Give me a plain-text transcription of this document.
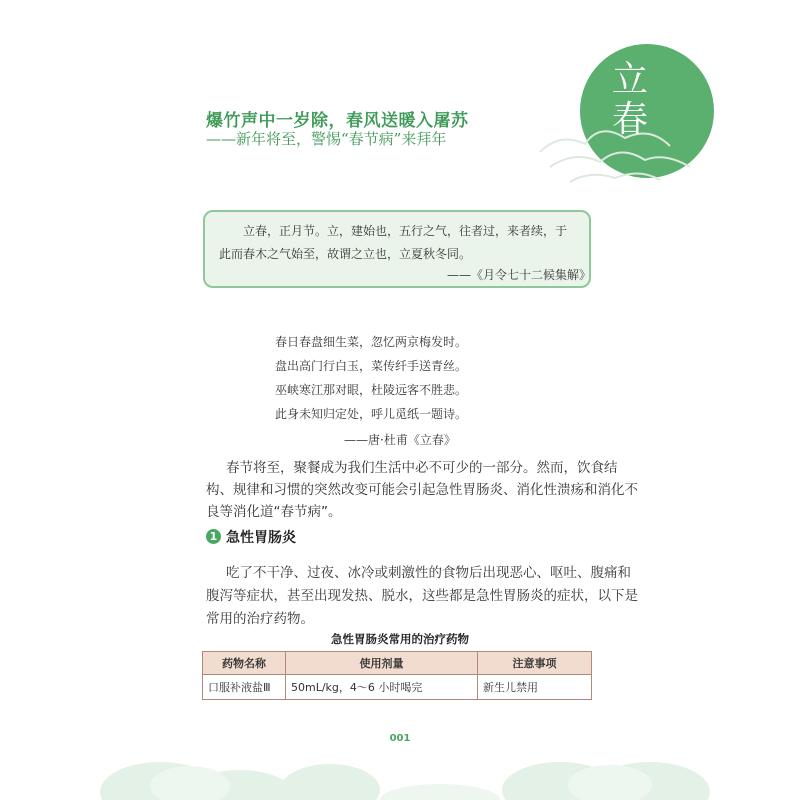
立
春
爆竹声中一岁除，春风送暖入屠苏
——新年将至，警惕“春节病”来拜年
立春，正月节。立，建始也，五行之气，往者过，来者续，于
此而春木之气始至，故谓之立也，立夏秋冬同。
——《月令七十二候集解》
春日春盘细生菜，忽忆两京梅发时。
盘出高门行白玉，菜传纤手送青丝。
巫峡寒江那对眼，杜陵远客不胜悲。
此身未知归定处，呼儿觅纸一题诗。
——唐·杜甫《立春》
春节将至，聚餐成为我们生活中必不可少的一部分。然而，饮食结
构、规律和习惯的突然改变可能会引起急性胃肠炎、消化性溃疡和消化不
良等消化道“春节病”。
1 急性胃肠炎
吃了不干净、过夜、冰冷或刺激性的食物后出现恶心、呕吐、腹痛和
腹泻等症状，甚至出现发热、脱水，这些都是急性胃肠炎的症状，以下是
常用的治疗药物。
急性胃肠炎常用的治疗药物
药物名称	使用剂量	注意事项
口服补液盐Ⅲ	50mL/kg，4～6 小时喝完	新生儿禁用
001
